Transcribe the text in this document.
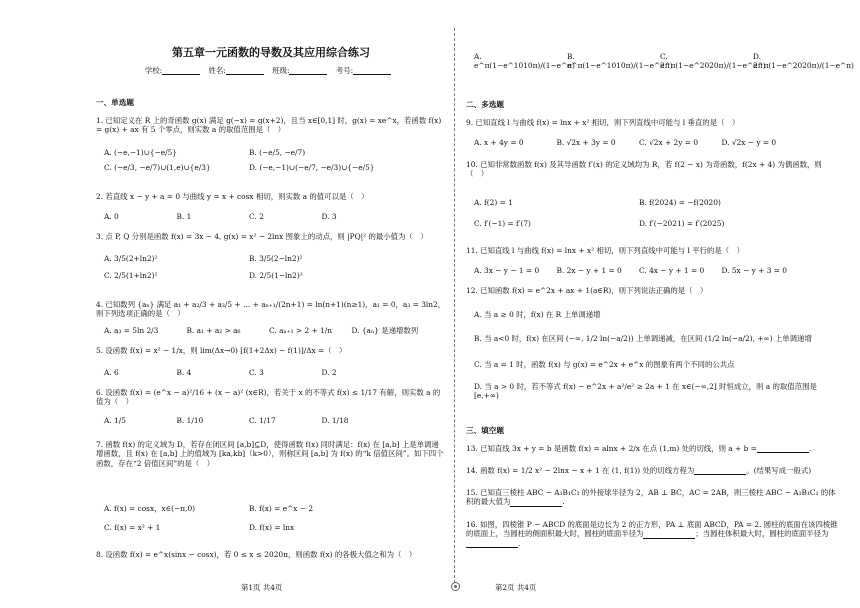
第五章一元函数的导数及其应用综合练习
学校:	姓名:	班级:	考号:
一、单选题
1. 已知定义在 R 上的奇函数 g(x) 满足 g(−x) = g(x+2)，且当 x∈[0,1] 时，g(x) = xe^x，若函数 f(x) = g(x) + ax 有 5 个零点，则实数 a 的取值范围是（　）
A. (−e,−1)∪{−e/5}	B. (−e/5, −e/7)
C. (−e/3, −e/7)∪(1,e)∪{e/3}	D. (−e,−1)∪(−e/7, −e/3)∪{−e/5}
2. 若直线 x − y + a = 0 与曲线 y = x + cosx 相切，则实数 a 的值可以是（　）
A. 0	B. 1	C. 2	D. 3
3. 点 P, Q 分别是函数 f(x) = 3x − 4, g(x) = x² − 2lnx 图象上的动点，则 |PQ|² 的最小值为（　）
A. 3/5(2+ln2)²	B. 3/5(2−ln2)²
C. 2/5(1+ln2)²	D. 2/5(1−ln2)²
4. 已知数列 {aₙ} 满足 a₁ + a₂/3 + a₃/5 + … + aₙ₊₁/(2n+1) = ln(n+1)(n≥1)，a₁ = 0，a₃ = 3ln2，则下列选项正确的是（　）
A. a₃ = 5ln 2/3	B. a₁ + a₂ > a₆	C. aₙ₊₁ > 2 + 1/n	D. {aₙ} 是递增数列
5. 设函数 f(x) = x² − 1/x，则 lim(Δx→0) [f(1+2Δx) − f(1)]/Δx =（　）
A. 6	B. 4	C. 3	D. 2
6. 设函数 f(x) = (e^x − a)²/16 + (x − a)² (x∈R)，若关于 x 的不等式 f(x) ≤ 1/17 有解，则实数 a 的值为（　）
A. 1/5	B. 1/10	C. 1/17	D. 1/18
7. 函数 f(x) 的定义域为 D，若存在闭区间 [a,b]⊆D，使得函数 f(x) 同时满足：f(x) 在 [a,b] 上是单调递增函数，且 f(x) 在 [a,b] 上的值域为 [ka,kb]（k>0），则称区间 [a,b] 为 f(x) 的“k 倍值区间”。如下四个函数，存在“2 倍值区间”的是（　）
A. f(x) = cosx，x∈(−π,0)	B. f(x) = e^x − 2
C. f(x) = x² + 1	D. f(x) = lnx
8. 设函数 f(x) = e^x(sinx − cosx)，若 0 ≤ x ≤ 2020π，则函数 f(x) 的各极大值之和为（　）
A. e^π(1−e^1010π)/(1−e^π)
B. e^π(1−e^1010π)/(1−e^2π)
C. e^π(1−e^2020π)/(1−e^2π)
D. e^π(1−e^2020π)/(1−e^π)
二、多选题
9. 已知直线 l 与曲线 f(x) = lnx + x² 相切，则下列直线中可能与 l 垂直的是（　）
A. x + 4y = 0	B. √2x + 3y = 0	C. √2x + 2y = 0	D. √2x − y = 0
10. 已知非常数函数 f(x) 及其导函数 f′(x) 的定义域均为 R，若 f(2 − x) 为奇函数，f(2x + 4) 为偶函数，则（　）
A. f(2) = 1	B. f(2024) = −f(2020)
C. f′(−1) = f′(7)	D. f′(−2021) = f′(2025)
11. 已知直线 l 与曲线 f(x) = lnx + x² 相切，则下列直线中可能与 l 平行的是（　）
A. 3x − y − 1 = 0	B. 2x − y + 1 = 0	C. 4x − y + 1 = 0	D. 5x − y + 3 = 0
12. 已知函数 f(x) = e^2x + ax + 1(a∈R)，则下列说法正确的是（　）
A. 当 a ≥ 0 时，f(x) 在 R 上单调递增
B. 当 a<0 时，f(x) 在区间 (−∞, 1/2 ln(−a/2)) 上单调递减，在区间 (1/2 ln(−a/2), +∞) 上单调递增
C. 当 a = 1 时，函数 f(x) 与 g(x) = e^2x + e^x 的图象有两个不同的公共点
D. 当 a > 0 时，若不等式 f(x) − e^2x + a²/e² ≥ 2a + 1 在 x∈(−∞,2] 时恒成立，则 a 的取值范围是 [e,+∞)
三、填空题
13. 已知直线 3x + y = b 是函数 f(x) = alnx + 2/x 在点 (1,m) 处的切线，则 a + b =	.
14. 函数 f(x) = 1/2 x² − 2lnx − x + 1 在 (1, f(1)) 处的切线方程为	。(结果写成一般式)
15. 已知直三棱柱 ABC − A₁B₁C₁ 的外接球半径为 2，AB ⊥ BC，AC = 2AB，则三棱柱 ABC − A₁B₁C₁ 的体积的最大值为	.
16. 如图，四棱锥 P − ABCD 的底面是边长为 2 的正方形，PA ⊥ 底面 ABCD，PA = 2. 圆柱的底面在该四棱锥的底面上，当圆柱的侧面积最大时，圆柱的底面半径为	；当圆柱体积最大时，圆柱的底面半径为.
第1页 共4页	第2页 共4页
